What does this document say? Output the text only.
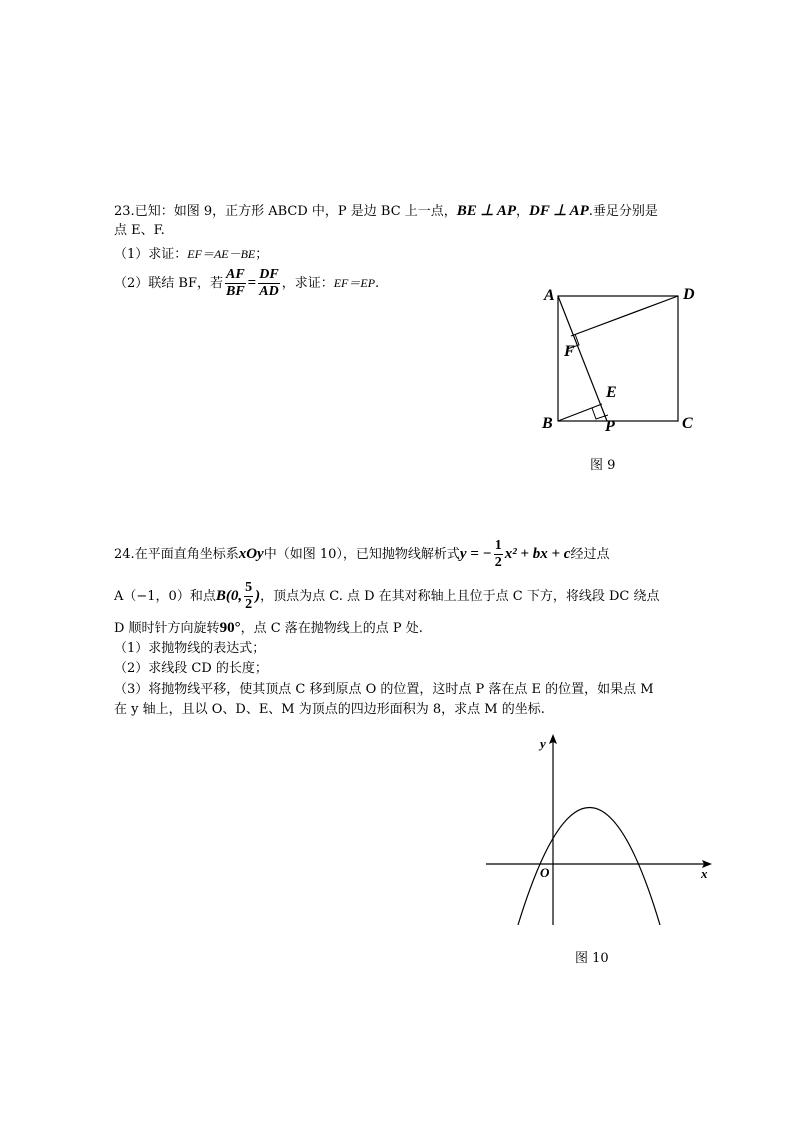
23.已知：如图 9，正方形 ABCD 中，P 是边 BC 上一点，BE ⊥ AP，DF ⊥ AP.垂足分别是
点 E、F.
（1）求证：EF＝AE－BE；
（2）联结 BF，若 $\frac{AF}{BF} = \frac{DF}{AD}$ ，求证：EF＝EP.
A	D
F
E
B	P	C
图 9
24.在平面直角坐标系xOy中（如图 10），已知抛物线解析式y = − $\frac{1}{2} x^2$ + bx + c经过点
A（−1，0）和点B(0, $\frac{5}{2}$ )，顶点为点 C. 点 D 在其对称轴上且位于点 C 下方，将线段 DC 绕点
D 顺时针方向旋转90°，点 C 落在抛物线上的点 P 处.
（1）求抛物线的表达式；
（2）求线段 CD 的长度；
（3）将抛物线平移，使其顶点 C 移到原点 O 的位置，这时点 P 落在点 E 的位置，如果点 M
在 y 轴上，且以 O、D、E、M 为顶点的四边形面积为 8，求点 M 的坐标.
y
x
O
图 10
